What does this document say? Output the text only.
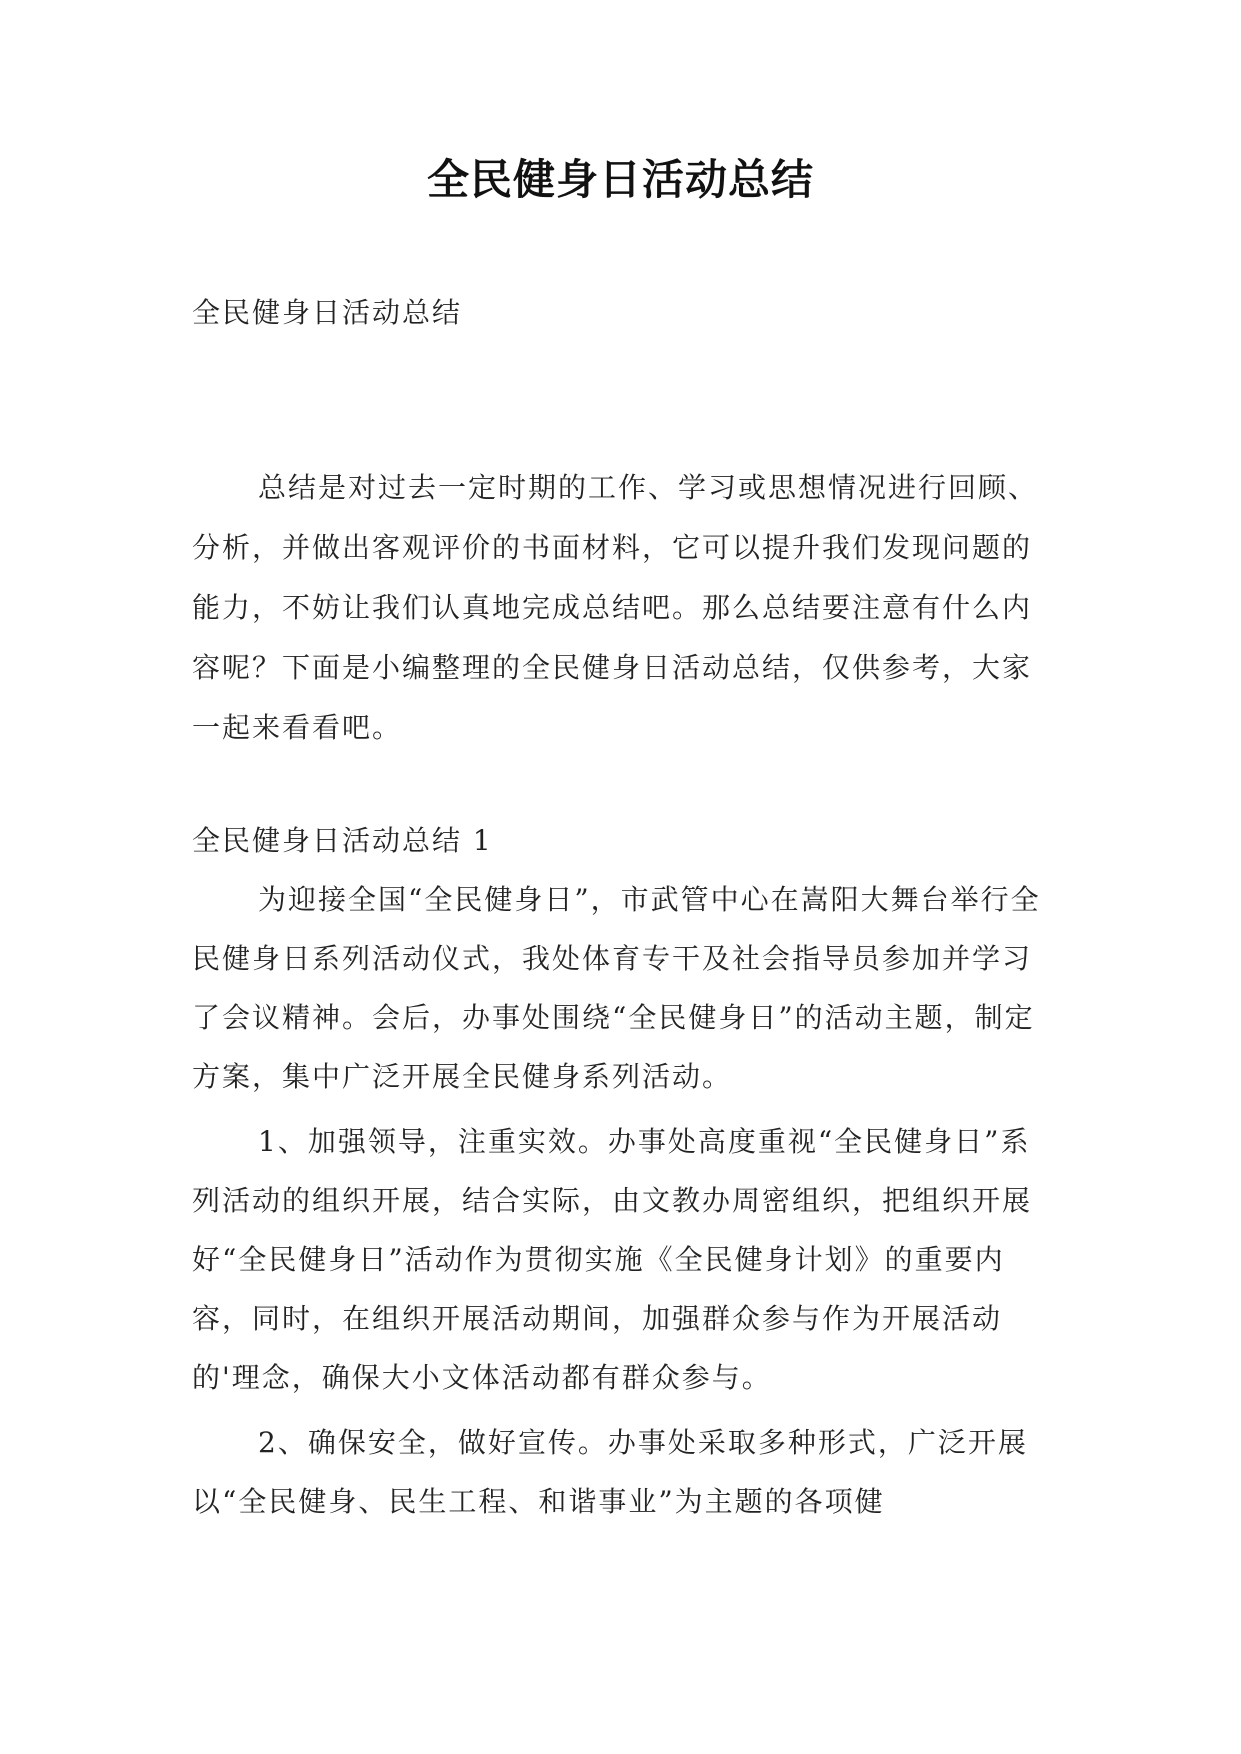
全民健身日活动总结
全民健身日活动总结

总结是对过去一定时期的工作、学习或思想情况进行回顾、分析，并做出客观评价的书面材料，它可以提升我们发现问题的能力，不妨让我们认真地完成总结吧。那么总结要注意有什么内容呢？下面是小编整理的全民健身日活动总结，仅供参考，大家一起来看看吧。

全民健身日活动总结 1

为迎接全国“全民健身日”，市武管中心在嵩阳大舞台举行全民健身日系列活动仪式，我处体育专干及社会指导员参加并学习了会议精神。会后，办事处围绕“全民健身日”的活动主题，制定方案，集中广泛开展全民健身系列活动。

1、加强领导，注重实效。办事处高度重视“全民健身日”系列活动的组织开展，结合实际，由文教办周密组织，把组织开展好“全民健身日”活动作为贯彻实施《全民健身计划》的重要内容，同时，在组织开展活动期间，加强群众参与作为开展活动的'理念，确保大小文体活动都有群众参与。

2、确保安全，做好宣传。办事处采取多种形式，广泛开展以“全民健身、民生工程、和谐事业”为主题的各项健
